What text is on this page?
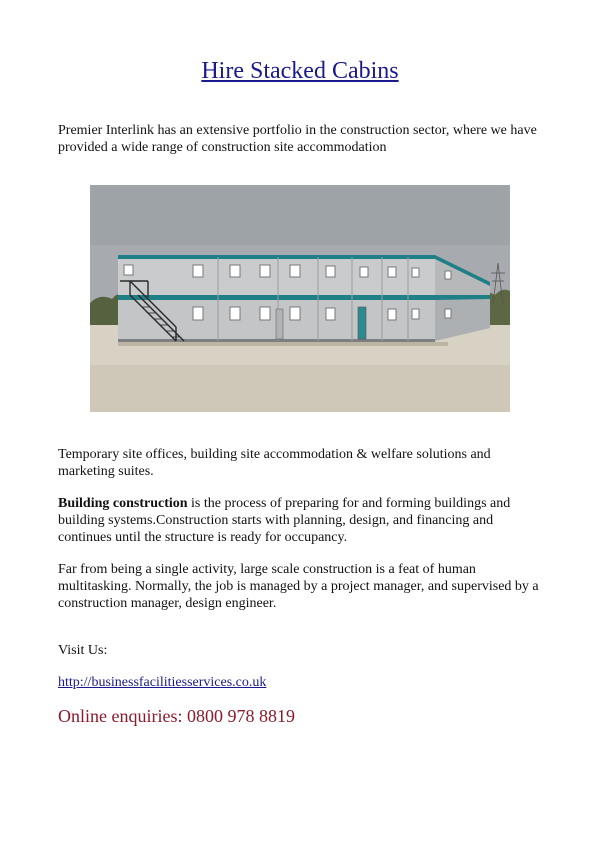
Hire Stacked Cabins

Premier Interlink has an extensive portfolio in the construction sector, where we have provided a wide range of construction site accommodation

Temporary site offices, building site accommodation & welfare solutions and marketing suites.

Building construction is the process of preparing for and forming buildings and building systems.Construction starts with planning, design, and financing and continues until the structure is ready for occupancy.

Far from being a single activity, large scale construction is a feat of human multitasking. Normally, the job is managed by a project manager, and supervised by a construction manager, design engineer.

Visit Us:

http://businessfacilitiesservices.co.uk
Online enquiries: 0800 978 8819
